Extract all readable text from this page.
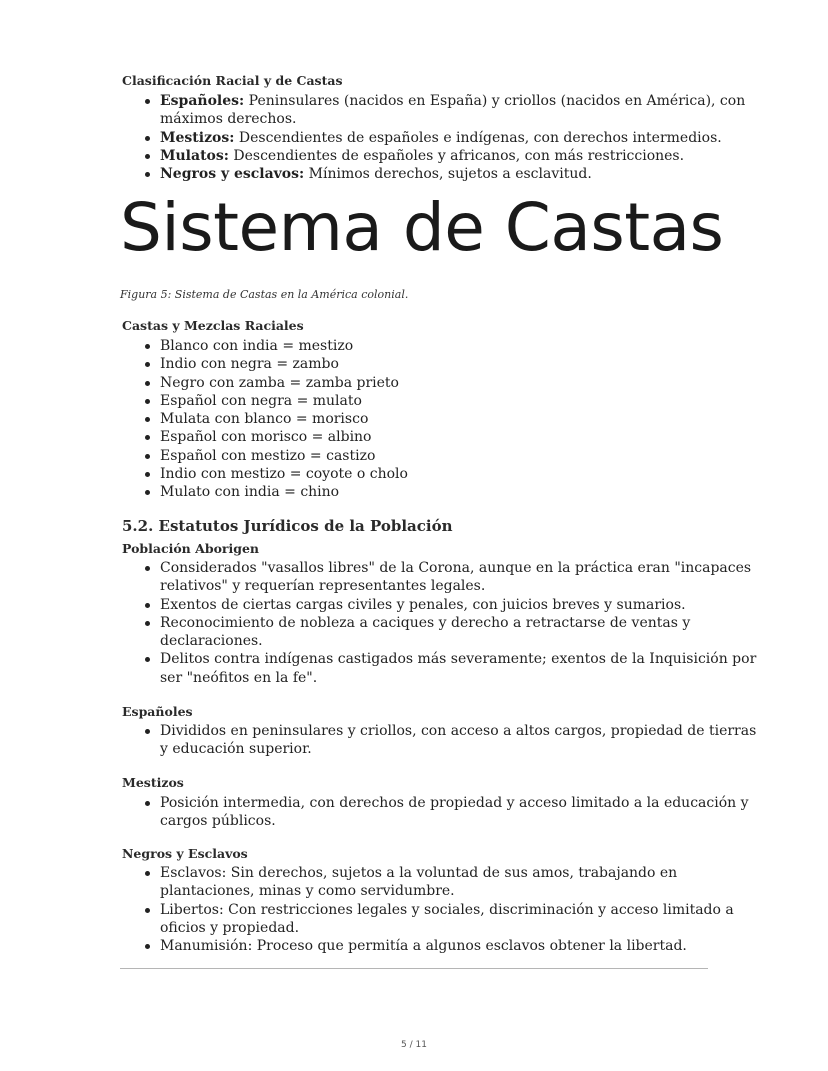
Clasificación Racial y de Castas
Españoles: Peninsulares (nacidos en España) y criollos (nacidos en América), con máximos derechos.
Mestizos: Descendientes de españoles e indígenas, con derechos intermedios.
Mulatos: Descendientes de españoles y africanos, con más restricciones.
Negros y esclavos: Mínimos derechos, sujetos a esclavitud.
Sistema de Castas

Figura 5: Sistema de Castas en la América colonial.

Castas y Mezclas Raciales
Blanco con india = mestizo
Indio con negra = zambo
Negro con zamba = zamba prieto
Español con negra = mulato
Mulata con blanco = morisco
Español con morisco = albino
Español con mestizo = castizo
Indio con mestizo = coyote o cholo
Mulato con india = chino
5.2. Estatutos Jurídicos de la Población
Población Aborigen
Considerados "vasallos libres" de la Corona, aunque en la práctica eran "incapaces relativos" y requerían representantes legales.
Exentos de ciertas cargas civiles y penales, con juicios breves y sumarios.
Reconocimiento de nobleza a caciques y derecho a retractarse de ventas y declaraciones.
Delitos contra indígenas castigados más severamente; exentos de la Inquisición por ser "neófitos en la fe".
Españoles
Divididos en peninsulares y criollos, con acceso a altos cargos, propiedad de tierras y educación superior.
Mestizos
Posición intermedia, con derechos de propiedad y acceso limitado a la educación y cargos públicos.
Negros y Esclavos
Esclavos: Sin derechos, sujetos a la voluntad de sus amos, trabajando en plantaciones, minas y como servidumbre.
Libertos: Con restricciones legales y sociales, discriminación y acceso limitado a oficios y propiedad.
Manumisión: Proceso que permitía a algunos esclavos obtener la libertad.
5 / 11
